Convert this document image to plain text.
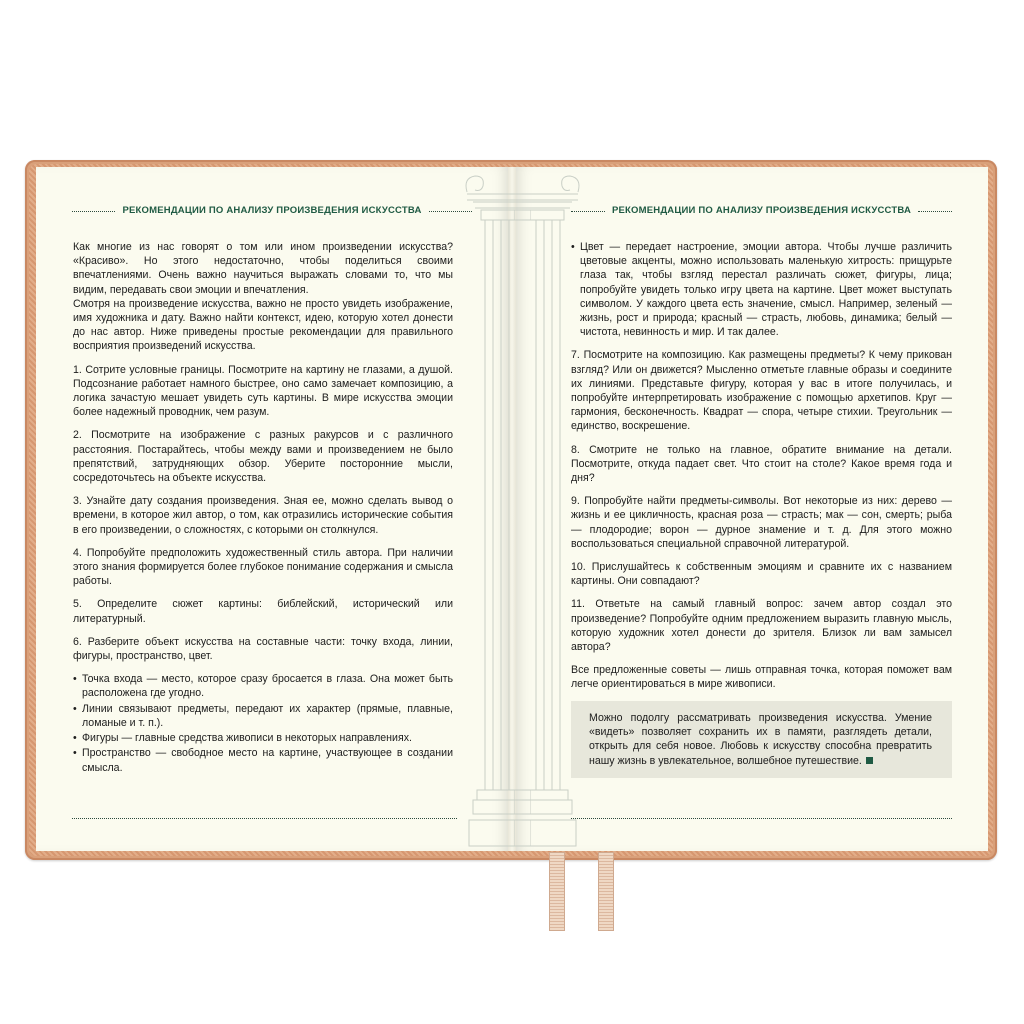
РЕКОМЕНДАЦИИ ПО АНАЛИЗУ ПРОИЗВЕДЕНИЯ ИСКУССТВА

Как многие из нас говорят о том или ином произведении искусства? «Красиво». Но этого недостаточно, чтобы поделиться своими впечатлениями. Очень важно научиться выражать словами то, что мы видим, передавать свои эмоции и впечатления.

Смотря на произведение искусства, важно не просто увидеть изображение, имя художника и дату. Важно найти контекст, идею, которую хотел донести до нас автор. Ниже приведены простые рекомендации для правильного восприятия произведений искусства.

1. Сотрите условные границы. Посмотрите на картину не глазами, а душой. Подсознание работает намного быстрее, оно само замечает композицию, а логика зачастую мешает увидеть суть картины. В мире искусства эмоции более надежный проводник, чем разум.

2. Посмотрите на изображение с разных ракурсов и с различного расстояния. Постарайтесь, чтобы между вами и произведением не было препятствий, затрудняющих обзор. Уберите посторонние мысли, сосредоточьтесь на объекте искусства.

3. Узнайте дату создания произведения. Зная ее, можно сделать вывод о времени, в которое жил автор, о том, как отразились исторические события в его произведении, о сложностях, с которыми он столкнулся.

4. Попробуйте предположить художественный стиль автора. При наличии этого знания формируется более глубокое понимание содержания и смысла работы.

5. Определите сюжет картины: библейский, исторический или литературный.

6. Разберите объект искусства на составные части: точку входа, линии, фигуры, пространство, цвет.

• Точка входа — место, которое сразу бросается в глаза. Она может быть расположена где угодно.
• Линии связывают предметы, передают их характер (прямые, плавные, ломаные и т. п.).
• Фигуры — главные средства живописи в некоторых направлениях.
• Пространство — свободное место на картине, участвующее в создании смысла.
РЕКОМЕНДАЦИИ ПО АНАЛИЗУ ПРОИЗВЕДЕНИЯ ИСКУССТВА
• Цвет — передает настроение, эмоции автора. Чтобы лучше различить цветовые акценты, можно использовать маленькую хитрость: прищурьте глаза так, чтобы взгляд перестал различать сюжет, фигуры, лица; попробуйте увидеть только игру цвета на картине. Цвет может выступать символом. У каждого цвета есть значение, смысл. Например, зеленый — жизнь, рост и природа; красный — страсть, любовь, динамика; белый — чистота, невинность и мир. И так далее.

7. Посмотрите на композицию. Как размещены предметы? К чему прикован взгляд? Или он движется? Мысленно отметьте главные образы и соедините их линиями. Представьте фигуру, которая у вас в итоге получилась, и попробуйте интерпретировать изображение с помощью архетипов. Круг — гармония, бесконечность. Квадрат — спора, четыре стихии. Треугольник — единство, воскрешение.

8. Смотрите не только на главное, обратите внимание на детали. Посмотрите, откуда падает свет. Что стоит на столе? Какое время года и дня?

9. Попробуйте найти предметы-символы. Вот некоторые из них: дерево — жизнь и ее цикличность, красная роза — страсть; мак — сон, смерть; рыба — плодородие; ворон — дурное знамение и т. д. Для этого можно воспользоваться специальной справочной литературой.

10. Прислушайтесь к собственным эмоциям и сравните их с названием картины. Они совпадают?

11. Ответьте на самый главный вопрос: зачем автор создал это произведение? Попробуйте одним предложением выразить главную мысль, которую художник хотел донести до зрителя. Близок ли вам замысел автора?

Все предложенные советы — лишь отправная точка, которая поможет вам легче ориентироваться в мире живописи.

Можно подолгу рассматривать произведения искусства. Умение «видеть» позволяет сохранить их в памяти, разглядеть детали, открыть для себя новое. Любовь к искусству способна превратить нашу жизнь в увлекательное, волшебное путешествие.
